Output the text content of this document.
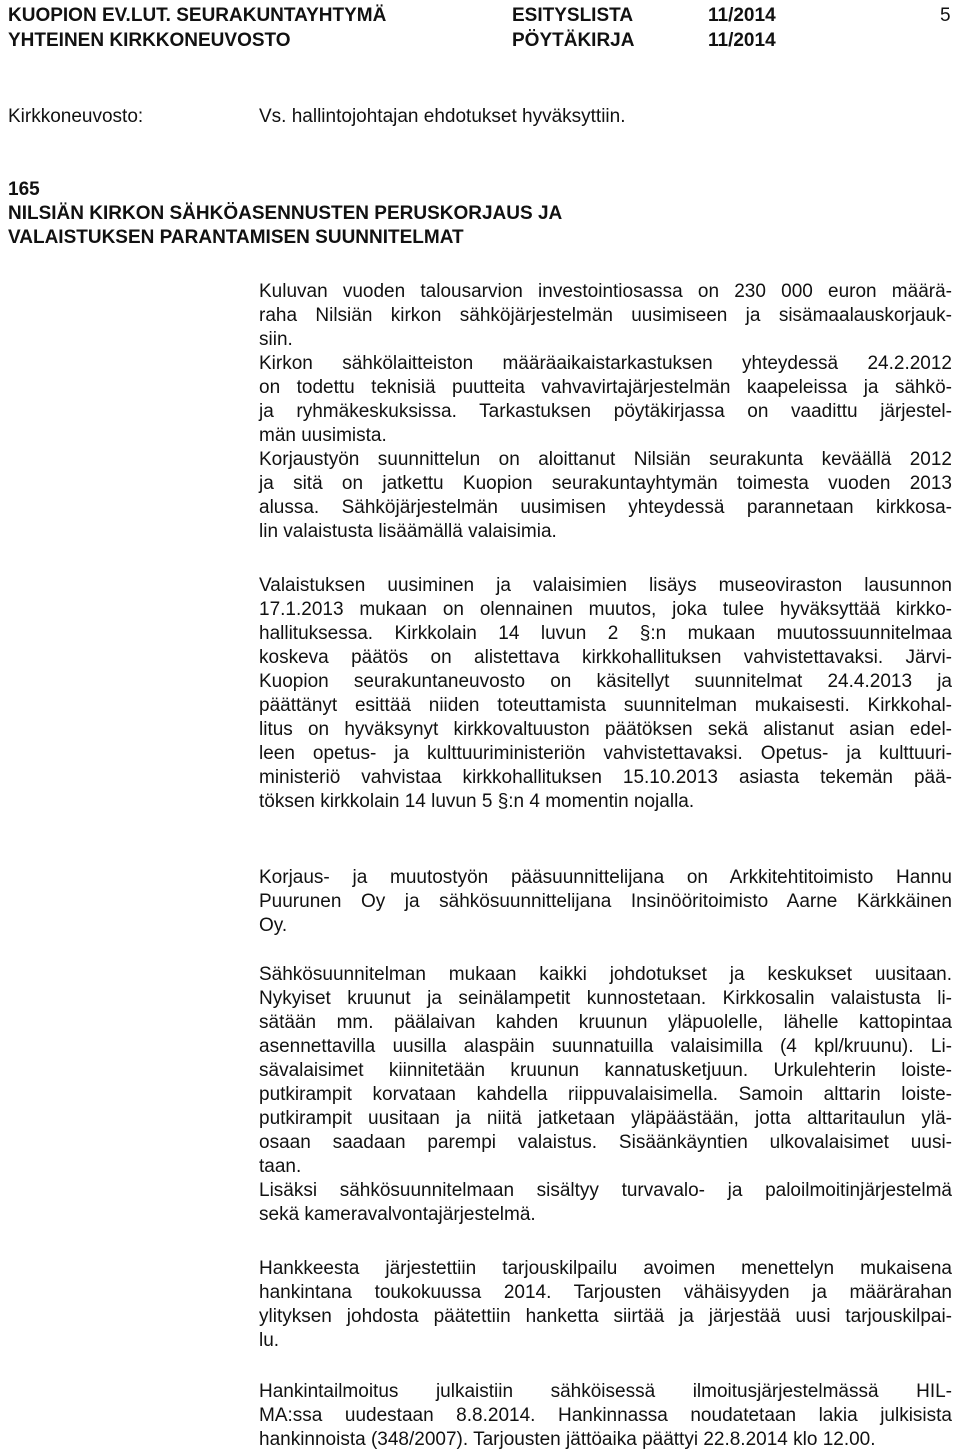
KUOPION EV.LUT. SEURAKUNTAYHTYMÄ
YHTEINEN KIRKKONEUVOSTO
ESITYSLISTA
PÖYTÄKIRJA
11/2014
11/2014
5
Kirkkoneuvosto:	Vs. hallintojohtajan ehdotukset hyväksyttiin.
165
NILSIÄN KIRKON SÄHKÖASENNUSTEN PERUSKORJAUS JA
VALAISTUKSEN PARANTAMISEN SUUNNITELMAT
Kuluvan vuoden talousarvion investointiosassa on 230 000 euron määrä-
raha Nilsiän kirkon sähköjärjestelmän uusimiseen ja sisämaalauskorjauk-
siin.
Kirkon sähkölaitteiston määräaikaistarkastuksen yhteydessä 24.2.2012
on todettu teknisiä puutteita vahvavirtajärjestelmän kaapeleissa ja sähkö-
ja ryhmäkeskuksissa. Tarkastuksen pöytäkirjassa on vaadittu järjestel-
män uusimista.
Korjaustyön suunnittelun on aloittanut Nilsiän seurakunta keväällä 2012
ja sitä on jatkettu Kuopion seurakuntayhtymän toimesta vuoden 2013
alussa. Sähköjärjestelmän uusimisen yhteydessä parannetaan kirkkosa-
lin valaistusta lisäämällä valaisimia.
Valaistuksen uusiminen ja valaisimien lisäys museoviraston lausunnon
17.1.2013 mukaan on olennainen muutos, joka tulee hyväksyttää kirkko-
hallituksessa. Kirkkolain 14 luvun 2 §:n mukaan muutossuunnitelmaa
koskeva päätös on alistettava kirkkohallituksen vahvistettavaksi. Järvi-
Kuopion seurakuntaneuvosto on käsitellyt suunnitelmat 24.4.2013 ja
päättänyt esittää niiden toteuttamista suunnitelman mukaisesti. Kirkkohal-
litus on hyväksynyt kirkkovaltuuston päätöksen sekä alistanut asian edel-
leen opetus- ja kulttuuriministeriön vahvistettavaksi. Opetus- ja kulttuuri-
ministeriö vahvistaa kirkkohallituksen 15.10.2013 asiasta tekemän pää-
töksen kirkkolain 14 luvun 5 §:n 4 momentin nojalla.
Korjaus- ja muutostyön pääsuunnittelijana on Arkkitehtitoimisto Hannu
Puurunen Oy ja sähkösuunnittelijana Insinööritoimisto Aarne Kärkkäinen
Oy.
Sähkösuunnitelman mukaan kaikki johdotukset ja keskukset uusitaan.
Nykyiset kruunut ja seinälampetit kunnostetaan. Kirkkosalin valaistusta li-
sätään mm. päälaivan kahden kruunun yläpuolelle, lähelle kattopintaa
asennettavilla uusilla alaspäin suunnatuilla valaisimilla (4 kpl/kruunu). Li-
sävalaisimet kiinnitetään kruunun kannatusketjuun. Urkulehterin loiste-
putkirampit korvataan kahdella riippuvalaisimella. Samoin alttarin loiste-
putkirampit uusitaan ja niitä jatketaan yläpäästään, jotta alttaritaulun ylä-
osaan saadaan parempi valaistus. Sisäänkäyntien ulkovalaisimet uusi-
taan.
Lisäksi sähkösuunnitelmaan sisältyy turvavalo- ja paloilmoitinjärjestelmä
sekä kameravalvontajärjestelmä.
Hankkeesta järjestettiin tarjouskilpailu avoimen menettelyn mukaisena
hankintana toukokuussa 2014. Tarjousten vähäisyyden ja määrärahan
ylityksen johdosta päätettiin hanketta siirtää ja järjestää uusi tarjouskilpai-
lu.
Hankintailmoitus julkaistiin sähköisessä ilmoitusjärjestelmässä HIL-
MA:ssa uudestaan 8.8.2014. Hankinnassa noudatetaan lakia julkisista
hankinnoista (348/2007). Tarjousten jättöaika päättyi 22.8.2014 klo 12.00.
